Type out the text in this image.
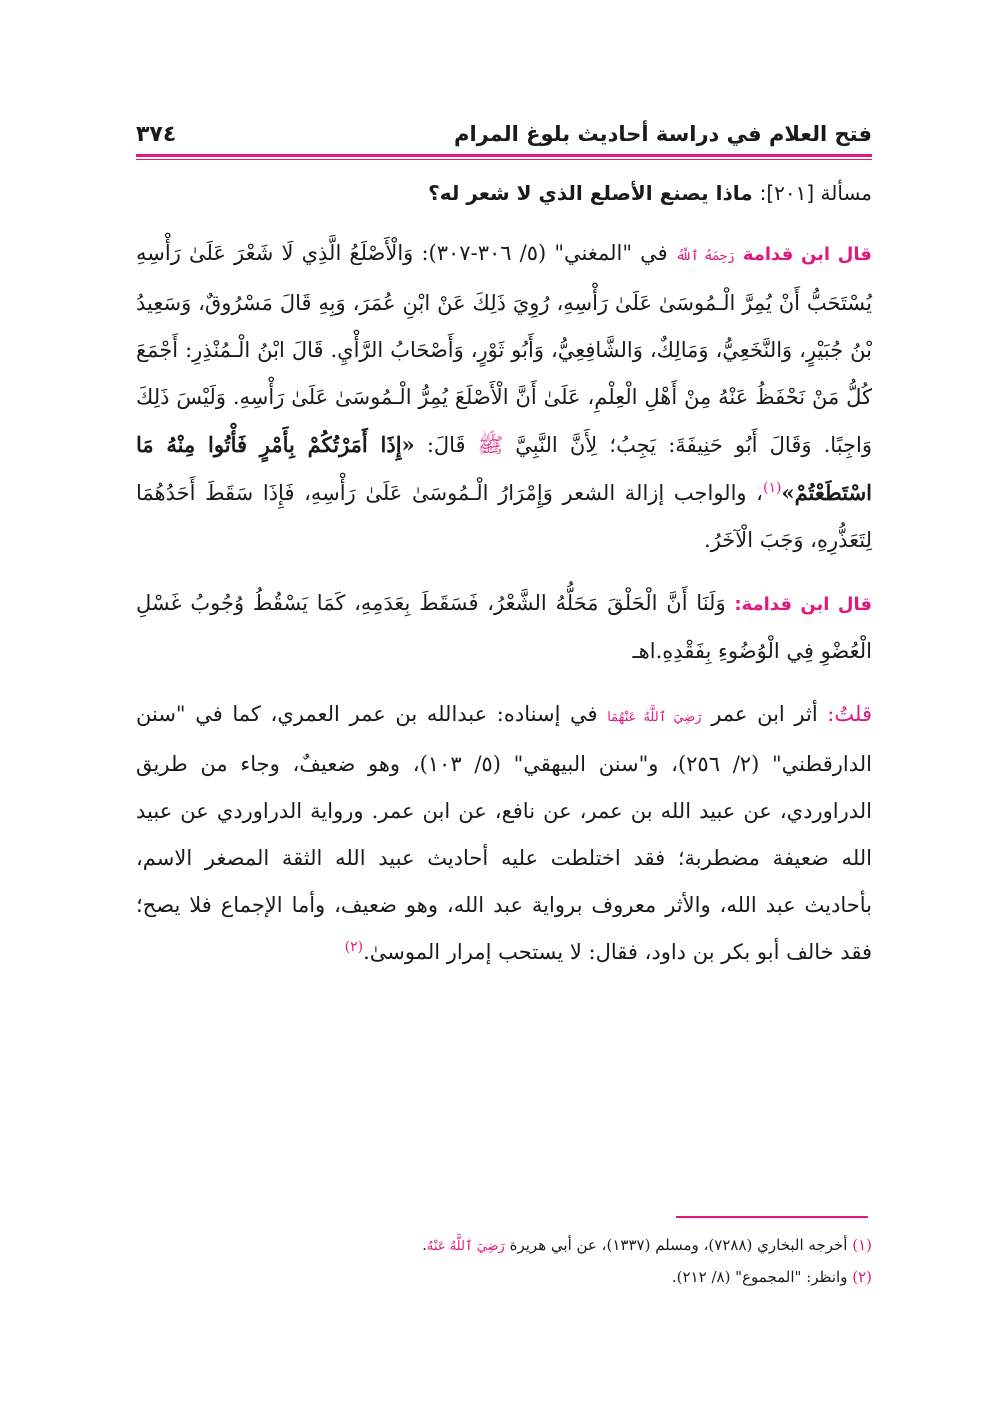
فتح العلام في دراسة أحاديث بلوغ المرام
٣٧٤
مسألة [٢٠١]: ماذا يصنع الأصلع الذي لا شعر له؟

قال ابن قدامة رَحِمَهُ ٱللَّهُ في "المغني" (٥/ ٣٠٦-٣٠٧): وَالْأَصْلَعُ الَّذِي لَا شَعْرَ عَلَىٰ رَأْسِهِ يُسْتَحَبُّ أَنْ يُمِرَّ الْـمُوسَىٰ عَلَىٰ رَأْسِهِ، رُوِيَ ذَلِكَ عَنْ ابْنِ عُمَرَ، وَبِهِ قَالَ مَسْرُوقٌ، وَسَعِيدُ بْنُ جُبَيْرٍ، وَالنَّخَعِيُّ، وَمَالِكٌ، وَالشَّافِعِيُّ، وَأَبُو ثَوْرٍ، وَأَصْحَابُ الرَّأْيِ. قَالَ ابْنُ الْـمُنْذِرِ: أَجْمَعَ كُلُّ مَنْ نَحْفَظُ عَنْهُ مِنْ أَهْلِ الْعِلْمِ، عَلَىٰ أَنَّ الْأَصْلَعَ يُمِرُّ الْـمُوسَىٰ عَلَىٰ رَأْسِهِ. وَلَيْسَ ذَلِكَ وَاجِبًا. وَقَالَ أَبُو حَنِيفَةَ: يَجِبُ؛ لِأَنَّ النَّبِيَّ ﷺ قَالَ: «إِذَا أَمَرْتُكُمْ بِأَمْرٍ فَأْتُوا مِنْهُ مَا اسْتَطَعْتُمْ»$^{(١)}$، والواجب إزالة الشعر وَإِمْرَارُ الْـمُوسَىٰ عَلَىٰ رَأْسِهِ، فَإِذَا سَقَطَ أَحَدُهُمَا لِتَعَذُّرِهِ، وَجَبَ الْآخَرُ.

قال ابن قدامة: وَلَنَا أَنَّ الْحَلْقَ مَحَلُّهُ الشَّعْرُ، فَسَقَطَ بِعَدَمِهِ، كَمَا يَسْقُطُ وُجُوبُ غَسْلِ الْعُضْوِ فِي الْوُضُوءِ بِفَقْدِهِ.اهـ

قلتُ: أثر ابن عمر رَضِيَ ٱللَّهُ عَنْهُمَا في إسناده: عبدالله بن عمر العمري، كما في "سنن الدارقطني" (٢/ ٢٥٦)، و"سنن البيهقي" (٥/ ١٠٣)، وهو ضعيفٌ، وجاء من طريق الدراوردي، عن عبيد الله بن عمر، عن نافع، عن ابن عمر. ورواية الدراوردي عن عبيد الله ضعيفة مضطربة؛ فقد اختلطت عليه أحاديث عبيد الله الثقة المصغر الاسم، بأحاديث عبد الله، والأثر معروف برواية عبد الله، وهو ضعيف، وأما الإجماع فلا يصح؛ فقد خالف أبو بكر بن داود، فقال: لا يستحب إمرار الموسىٰ.$^{(٢)}$

(١) أخرجه البخاري (٧٢٨٨)، ومسلم (١٣٣٧)، عن أبي هريرة رَضِيَ ٱللَّهُ عَنْهُ.
(٢) وانظر: "المجموع" (٨/ ٢١٢).
